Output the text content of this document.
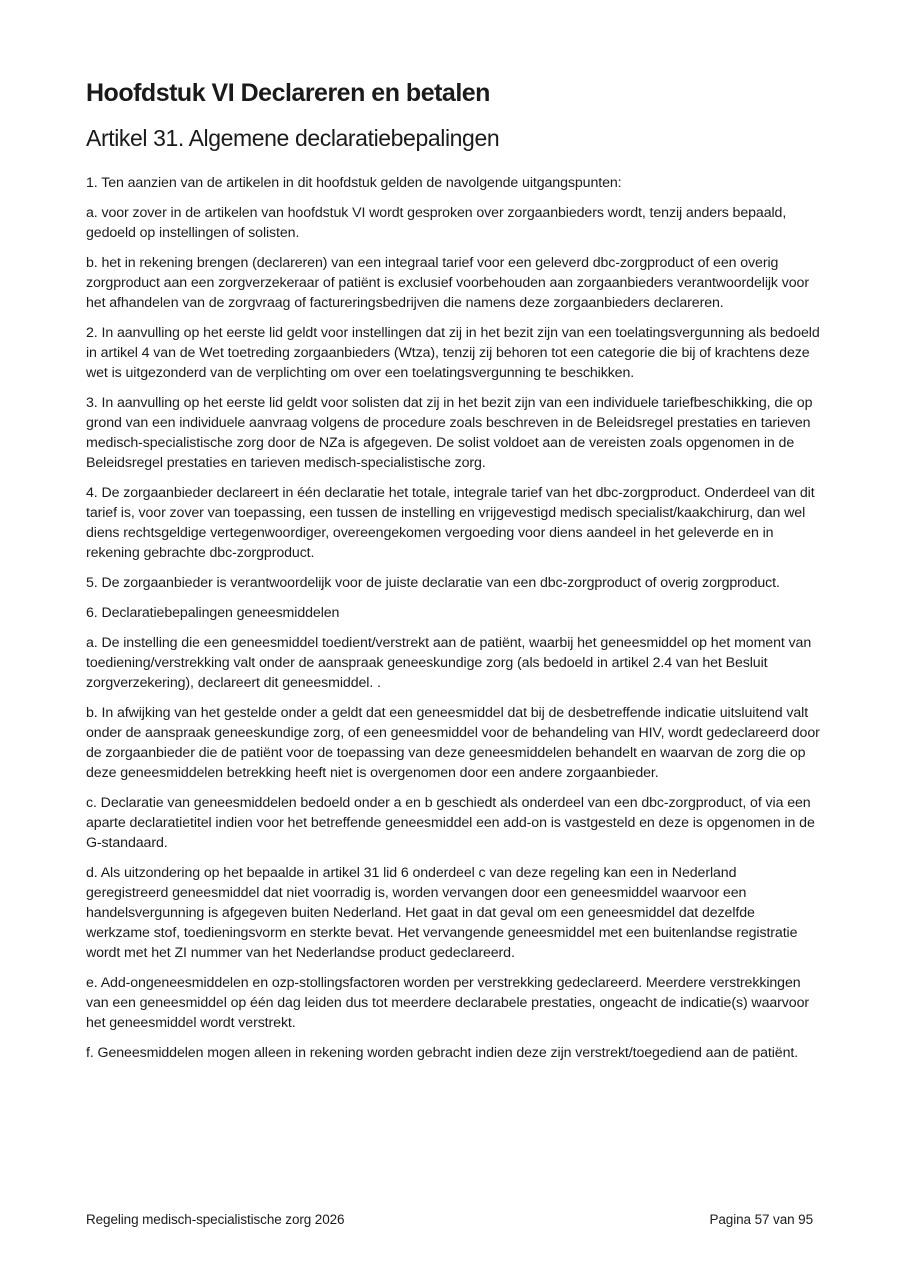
Hoofdstuk VI Declareren en betalen
Artikel 31. Algemene declaratiebepalingen

1. Ten aanzien van de artikelen in dit hoofdstuk gelden de navolgende uitgangspunten:

a. voor zover in de artikelen van hoofdstuk VI wordt gesproken over zorgaanbieders wordt, tenzij anders bepaald, gedoeld op instellingen of solisten.

b. het in rekening brengen (declareren) van een integraal tarief voor een geleverd dbc-zorgproduct of een overig zorgproduct aan een zorgverzekeraar of patiënt is exclusief voorbehouden aan zorgaanbieders verantwoordelijk voor het afhandelen van de zorgvraag of factureringsbedrijven die namens deze zorgaanbieders declareren.

2. In aanvulling op het eerste lid geldt voor instellingen dat zij in het bezit zijn van een toelatingsvergunning als bedoeld in artikel 4 van de Wet toetreding zorgaanbieders (Wtza), tenzij zij behoren tot een categorie die bij of krachtens deze wet is uitgezonderd van de verplichting om over een toelatingsvergunning te beschikken.

3. In aanvulling op het eerste lid geldt voor solisten dat zij in het bezit zijn van een individuele tariefbeschikking, die op grond van een individuele aanvraag volgens de procedure zoals beschreven in de Beleidsregel prestaties en tarieven medisch-specialistische zorg door de NZa is afgegeven. De solist voldoet aan de vereisten zoals opgenomen in de Beleidsregel prestaties en tarieven medisch-specialistische zorg.

4. De zorgaanbieder declareert in één declaratie het totale, integrale tarief van het dbc-zorgproduct. Onderdeel van dit tarief is, voor zover van toepassing, een tussen de instelling en vrijgevestigd medisch specialist/kaakchirurg, dan wel diens rechtsgeldige vertegenwoordiger, overeengekomen vergoeding voor diens aandeel in het geleverde en in rekening gebrachte dbc-zorgproduct.

5. De zorgaanbieder is verantwoordelijk voor de juiste declaratie van een dbc-zorgproduct of overig zorgproduct.

6. Declaratiebepalingen geneesmiddelen

a. De instelling die een geneesmiddel toedient/verstrekt aan de patiënt, waarbij het geneesmiddel op het moment van toediening/verstrekking valt onder de aanspraak geneeskundige zorg (als bedoeld in artikel 2.4 van het Besluit zorgverzekering), declareert dit geneesmiddel. .

b. In afwijking van het gestelde onder a geldt dat een geneesmiddel dat bij de desbetreffende indicatie uitsluitend valt onder de aanspraak geneeskundige zorg, of een geneesmiddel voor de behandeling van HIV, wordt gedeclareerd door de zorgaanbieder die de patiënt voor de toepassing van deze geneesmiddelen behandelt en waarvan de zorg die op deze geneesmiddelen betrekking heeft niet is overgenomen door een andere zorgaanbieder.

c. Declaratie van geneesmiddelen bedoeld onder a en b geschiedt als onderdeel van een dbc-zorgproduct, of via een aparte declaratietitel indien voor het betreffende geneesmiddel een add-on is vastgesteld en deze is opgenomen in de G-standaard.

d. Als uitzondering op het bepaalde in artikel 31 lid 6 onderdeel c van deze regeling kan een in Nederland geregistreerd geneesmiddel dat niet voorradig is, worden vervangen door een geneesmiddel waarvoor een handelsvergunning is afgegeven buiten Nederland. Het gaat in dat geval om een geneesmiddel dat dezelfde werkzame stof, toedieningsvorm en sterkte bevat. Het vervangende geneesmiddel met een buitenlandse registratie wordt met het ZI nummer van het Nederlandse product gedeclareerd.

e. Add-ongeneesmiddelen en ozp-stollingsfactoren worden per verstrekking gedeclareerd. Meerdere verstrekkingen van een geneesmiddel op één dag leiden dus tot meerdere declarabele prestaties, ongeacht de indicatie(s) waarvoor het geneesmiddel wordt verstrekt.

f. Geneesmiddelen mogen alleen in rekening worden gebracht indien deze zijn verstrekt/toegediend aan de patiënt.

Regeling medisch-specialistische zorg 2026	Pagina 57 van 95
